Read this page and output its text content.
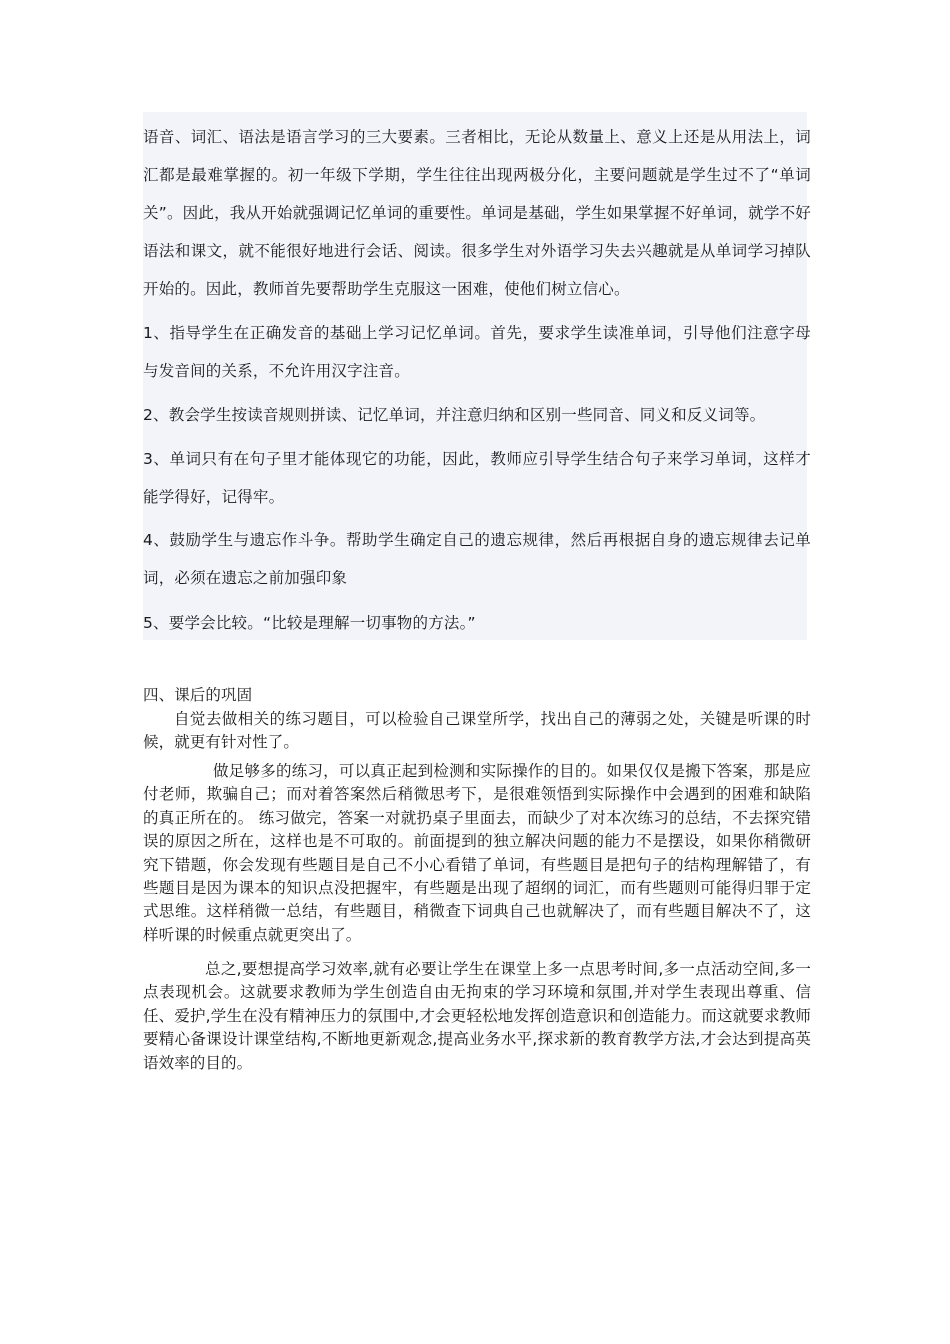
语音、词汇、语法是语言学习的三大要素。三者相比，无论从数量上、意义上还是从用法上，词汇都是最难掌握的。初一年级下学期，学生往往出现两极分化，主要问题就是学生过不了“单词关”。因此，我从开始就强调记忆单词的重要性。单词是基础，学生如果掌握不好单词，就学不好语法和课文，就不能很好地进行会话、阅读。很多学生对外语学习失去兴趣就是从单词学习掉队开始的。因此，教师首先要帮助学生克服这一困难，使他们树立信心。

1、指导学生在正确发音的基础上学习记忆单词。首先，要求学生读准单词，引导他们注意字母与发音间的关系，不允许用汉字注音。

2、教会学生按读音规则拼读、记忆单词，并注意归纳和区别一些同音、同义和反义词等。

3、单词只有在句子里才能体现它的功能，因此，教师应引导学生结合句子来学习单词，这样才能学得好，记得牢。

4、鼓励学生与遗忘作斗争。帮助学生确定自己的遗忘规律，然后再根据自身的遗忘规律去记单词，必须在遗忘之前加强印象

5、要学会比较。“比较是理解一切事物的方法。”

四、课后的巩固

自觉去做相关的练习题目，可以检验自己课堂所学，找出自己的薄弱之处，关键是听课的时候，就更有针对性了。

做足够多的练习，可以真正起到检测和实际操作的目的。如果仅仅是搬下答案，那是应付老师，欺骗自己；而对着答案然后稍微思考下，是很难领悟到实际操作中会遇到的困难和缺陷的真正所在的。 练习做完，答案一对就扔桌子里面去，而缺少了对本次练习的总结，不去探究错误的原因之所在，这样也是不可取的。前面提到的独立解决问题的能力不是摆设，如果你稍微研究下错题，你会发现有些题目是自己不小心看错了单词，有些题目是把句子的结构理解错了，有些题目是因为课本的知识点没把握牢，有些题是出现了超纲的词汇，而有些题则可能得归罪于定式思维。这样稍微一总结，有些题目，稍微查下词典自己也就解决了，而有些题目解决不了，这样听课的时候重点就更突出了。

总之,要想提高学习效率,就有必要让学生在课堂上多一点思考时间,多一点活动空间,多一点表现机会。这就要求教师为学生创造自由无拘束的学习环境和氛围,并对学生表现出尊重、信任、爱护,学生在没有精神压力的氛围中,才会更轻松地发挥创造意识和创造能力。而这就要求教师要精心备课设计课堂结构,不断地更新观念,提高业务水平,探求新的教育教学方法,才会达到提高英语效率的目的。
